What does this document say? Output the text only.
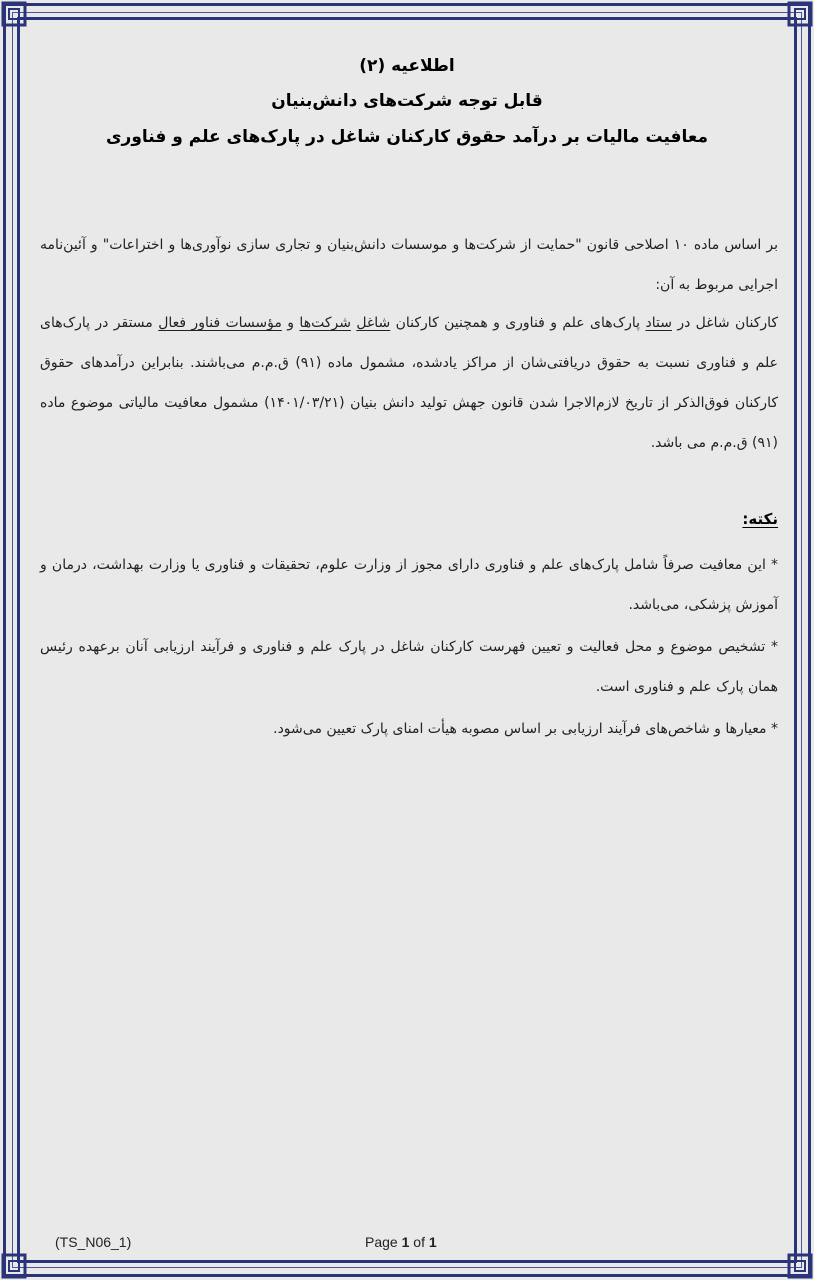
اطلاعیه (۲)
قابل توجه شرکت‌های دانش‌بنیان
معافیت مالیات بر درآمد حقوق کارکنان شاغل در پارک‌های علم و فناوری

بر اساس ماده ۱۰ اصلاحی قانون "حمایت از شرکت‌ها و موسسات دانش‌بنیان و تجاری سازی نوآوری‌ها و اختراعات" و آئین‌نامه اجرایی مربوط به آن:

کارکنان شاغل در ستاد پارک‌های علم و فناوری و همچنین کارکنان شاغل شرکت‌ها و مؤسسات فناور فعال مستقر در پارک‌های علم و فناوری نسبت به حقوق دریافتی‌شان از مراکز یادشده، مشمول ماده (۹۱) ق.م.م می‌باشند. بنابراین درآمدهای حقوق کارکنان فوق‌الذکر از تاریخ لازم‌الاجرا شدن قانون جهش تولید دانش بنیان (۱۴۰۱/۰۳/۲۱) مشمول معافیت مالیاتی موضوع ماده (۹۱) ق.م.م می باشد.

نکته:

* این معافیت صرفاً شامل پارک‌های علم و فناوری دارای مجوز از وزارت علوم، تحقیقات و فناوری یا وزارت بهداشت، درمان و آموزش پزشکی، می‌باشد.

* تشخیص موضوع و محل فعالیت و تعیین فهرست کارکنان شاغل در پارک علم و فناوری و فرآیند ارزیابی آنان برعهده رئیس همان پارک علم و فناوری است.

* معیارها و شاخص‌های فرآیند ارزیابی بر اساس مصوبه هیأت امنای پارک تعیین می‌شود.

(TS_N06_1)	Page 1 of 1
